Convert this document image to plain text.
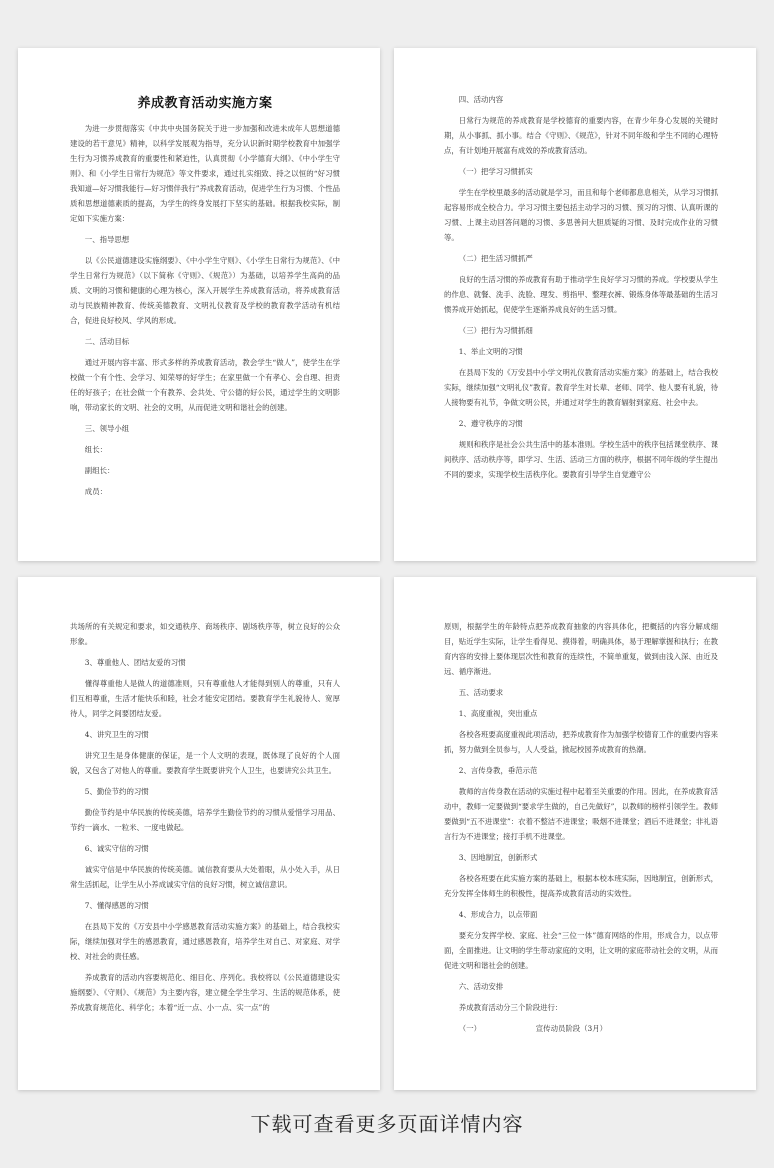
养成教育活动实施方案

为进一步贯彻落实《中共中央国务院关于进一步加强和改进未成年人思想道德建设的若干意见》精神，以科学发展观为指导，充分认识新时期学校教育中加强学生行为习惯养成教育的重要性和紧迫性，认真贯彻《小学德育大纲》、《中小学生守则》、和《小学生日常行为规范》等文件要求，通过扎实细致、持之以恒的“好习惯我知道—好习惯我能行—好习惯伴我行”养成教育活动，促进学生行为习惯、个性品质和思想道德素质的提高，为学生的终身发展打下坚实的基础。根据我校实际，制定如下实施方案：

一、指导思想

以《公民道德建设实施纲要》、《中小学生守则》、《小学生日常行为规范》、《中学生日常行为规范》（以下简称《守则》、《规范》）为基础，以培养学生高尚的品质、文明的习惯和健康的心理为核心，深入开展学生养成教育活动，将养成教育活动与民族精神教育、传统美德教育、文明礼仪教育及学校的教育教学活动有机结合，促进良好校风、学风的形成。

二、活动目标

通过开展内容丰富、形式多样的养成教育活动，教会学生“做人”，使学生在学校做一个有个性、会学习、知荣辱的好学生；在家里做一个有孝心、会自理、担责任的好孩子；在社会做一个有教养、会共处、守公德的好公民，通过学生的文明影响，带动家长的文明、社会的文明，从而促进文明和谐社会的创建。

三、领导小组

组长：

副组长：

成员：

四、活动内容

日常行为规范的养成教育是学校德育的重要内容，在青少年身心发展的关键时期，从小事抓、抓小事。结合《守则》、《规范》，针对不同年级和学生不同的心理特点，有计划地开展富有成效的养成教育活动。

（一）把学习习惯抓实

学生在学校里最多的活动就是学习，而且和每个老师都息息相关，从学习习惯抓起容易形成全校合力。学习习惯主要包括主动学习的习惯、预习的习惯、认真听课的习惯、上课主动回答问题的习惯、多思善问大胆质疑的习惯、及时完成作业的习惯等。

（二）把生活习惯抓严

良好的生活习惯的养成教育有助于推动学生良好学习习惯的养成。学校要从学生的作息、就餐、洗手、洗脸、理发、剪指甲、整理衣裤、锻炼身体等最基础的生活习惯养成开始抓起，促使学生逐渐养成良好的生活习惯。

（三）把行为习惯抓细

1、举止文明的习惯

在县局下发的《万安县中小学文明礼仪教育活动实施方案》的基础上，结合我校实际，继续加强“文明礼仪”教育。教育学生对长辈、老师、同学、他人要有礼貌，待人接物要有礼节，争做文明公民，并通过对学生的教育辐射到家庭、社会中去。

2、遵守秩序的习惯

规则和秩序是社会公共生活中的基本准则。学校生活中的秩序包括课堂秩序、课间秩序、活动秩序等，即学习、生活、活动三方面的秩序，根据不同年级的学生提出不同的要求，实现学校生活秩序化。要教育引导学生自觉遵守公

共场所的有关规定和要求，如交通秩序、商场秩序、剧场秩序等，树立良好的公众形象。

3、尊重他人、团结友爱的习惯

懂得尊重他人是做人的道德准则，只有尊重他人才能得到别人的尊重，只有人们互相尊重，生活才能快乐和睦，社会才能安定团结。要教育学生礼貌待人、宽厚待人，同学之间要团结友爱。

4、讲究卫生的习惯

讲究卫生是身体健康的保证，是一个人文明的表现，既体现了良好的个人面貌，又包含了对他人的尊重。要教育学生既要讲究个人卫生，也要讲究公共卫生。

5、勤俭节约的习惯

勤俭节约是中华民族的传统美德，培养学生勤俭节约的习惯从爱惜学习用品、节约一滴水、一粒米、一度电做起。

6、诚实守信的习惯

诚实守信是中华民族的传统美德。诚信教育要从大处着眼，从小处入手，从日常生活抓起，让学生从小养成诚实守信的良好习惯，树立诚信意识。

7、懂得感恩的习惯

在县局下发的《万安县中小学感恩教育活动实施方案》的基础上，结合我校实际，继续加强对学生的感恩教育，通过感恩教育，培养学生对自己、对家庭、对学校、对社会的责任感。

养成教育的活动内容要规范化、细目化、序列化。我校将以《公民道德建设实施纲要》、《守则》、《规范》为主要内容，建立健全学生学习、生活的规范体系，使养成教育规范化、科学化；本着“近一点、小一点、实一点”的

原则，根据学生的年龄特点把养成教育抽象的内容具体化，把概括的内容分解成细目，贴近学生实际，让学生看得见、摸得着，明确具体，易于理解掌握和执行；在教育内容的安排上要体现层次性和教育的连续性，不简单重复，做到由浅入深、由近及远、循序渐进。

五、活动要求

1、高度重视，突出重点

各校各班要高度重视此项活动，把养成教育作为加强学校德育工作的重要内容来抓，努力做到全员参与，人人受益，掀起校园养成教育的热潮。

2、言传身教，垂范示范

教师的言传身教在活动的实施过程中起着至关重要的作用。因此，在养成教育活动中，教师一定要做到“要求学生做的，自己先做好”，以教师的榜样引领学生。教师要做到“五不进课堂”：衣着不整洁不进课堂；吸烟不进课堂；酒后不进课堂；非礼语言行为不进课堂；接打手机不进课堂。

3、因地制宜，创新形式

各校各班要在此实施方案的基础上，根据本校本班实际，因地制宜，创新形式，充分发挥全体师生的积极性，提高养成教育活动的实效性。

4、形成合力，以点带面

要充分发挥学校、家庭、社会“三位一体”德育网络的作用，形成合力，以点带面，全面推进。让文明的学生带动家庭的文明，让文明的家庭带动社会的文明，从而促进文明和谐社会的创建。

六、活动安排

养成教育活动分三个阶段进行：

（一）	宣传动员阶段（3月）
下载可查看更多页面详情内容
